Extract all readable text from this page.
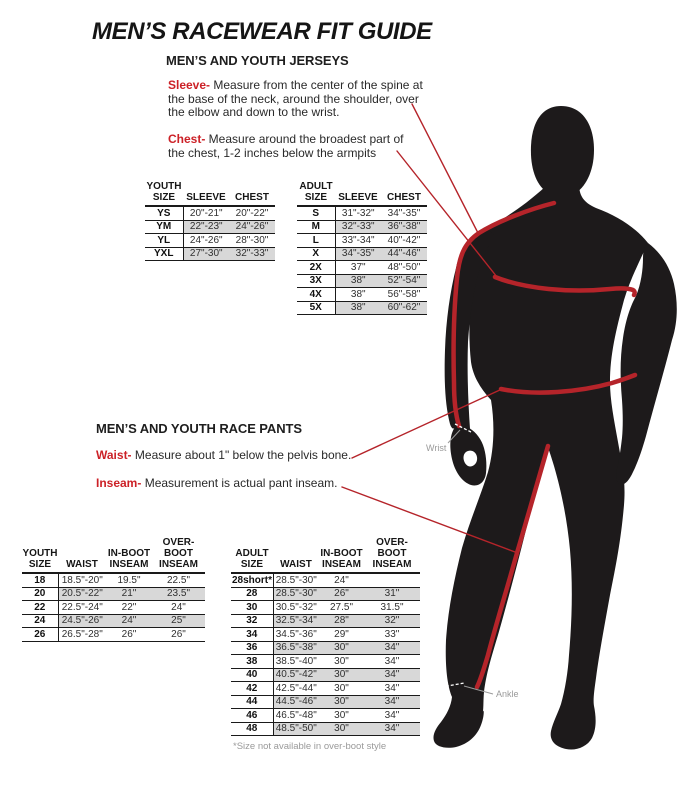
MEN’S RACEWEAR FIT GUIDE
MEN’S AND YOUTH JERSEYS

Sleeve- Measure from the center of the spine at the base of the neck, around the shoulder, over the elbow and down to the wrist.

Chest- Measure around the broadest part of the chest, 1-2 inches below the armpits

YOUTH
SIZE	SLEEVE	CHEST

YS	20"-21"	20"-22"
YM	22"-23"	24"-26"
YL	24"-26"	28"-30"
YXL	27"-30"	32"-33"
ADULT
SIZE	SLEEVE	CHEST

S	31"-32"	34"-35"
M	32"-33"	36"-38"
L	33"-34"	40"-42"
X	34"-35"	44"-46"
2X	37"	48"-50"
3X	38"	52"-54"
4X	38"	56"-58"
5X	38"	60"-62"
MEN’S AND YOUTH RACE PANTS

Waist- Measure about 1" below the pelvis bone.

Inseam- Measurement is actual pant inseam.

YOUTH
SIZE	WAIST

IN-BOOT
INSEAM

OVER-BOOT
INSEAM

18	18.5"-20"	19.5"	22.5"
20	20.5"-22"	21"	23.5"
22	22.5"-24"	22"	24"
24	24.5"-26"	24"	25"
26	26.5"-28"	26"	26"
ADULT
SIZE	WAIST

IN-BOOT
INSEAM

OVER-BOOT
INSEAM

28short*	28.5"-30"	24"	
28	28.5"-30"	26"	31"
30	30.5"-32"	27.5"	31.5"
32	32.5"-34"	28"	32"
34	34.5"-36"	29"	33"
36	36.5"-38"	30"	34"
38	38.5"-40"	30"	34"
40	40.5"-42"	30"	34"
42	42.5"-44"	30"	34"
44	44.5"-46"	30"	34"
46	46.5"-48"	30"	34"
48	48.5"-50"	30"	34"
*Size not available in over-boot style
Wrist
Ankle
